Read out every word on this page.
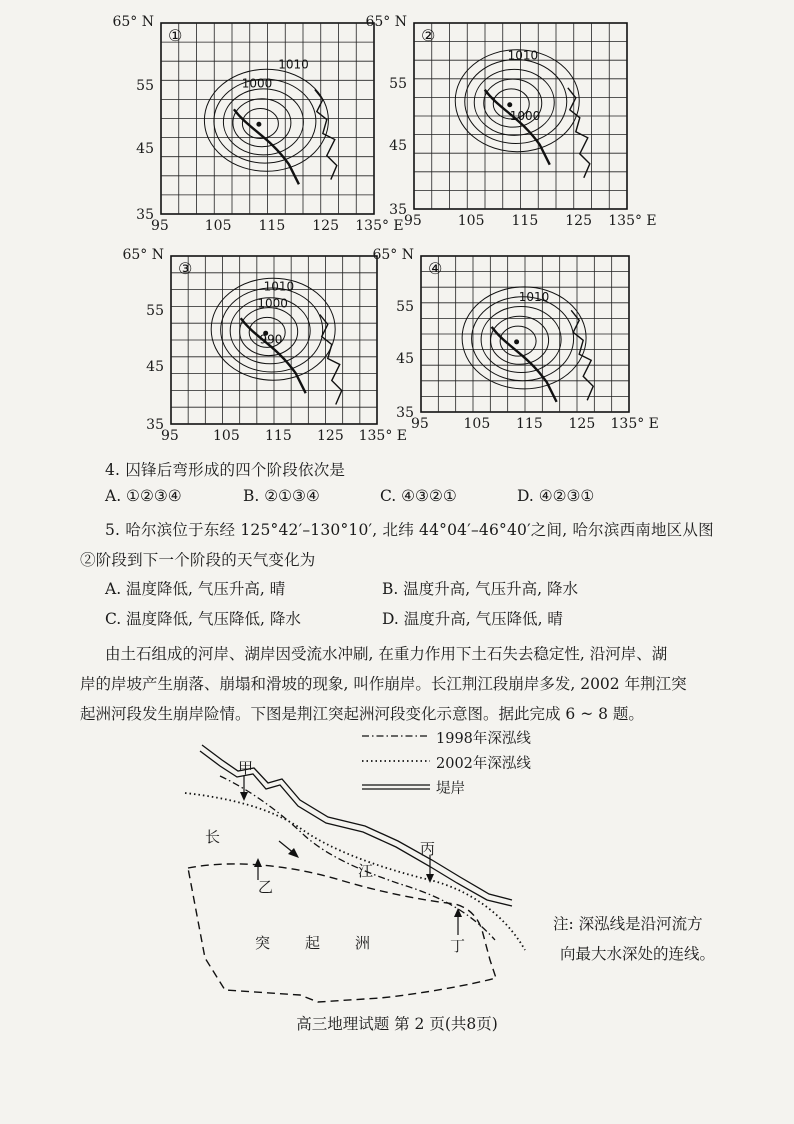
1010
1000
①
65° N
55
45
35
95	105 115 125 135° E
1010
1000
②
65° N
55
45
35
95	105 115 125 135° E
1010
1000
990
③
65° N
55
45
35
95 105 115 125 135° E
1010
④
65° N
55
45
35
95 105 115 125 135° E
4. 囚锋后弯形成的四个阶段依次是
A. ①②③④	B. ②①③④	C. ④③②①	D. ④②③①
5. 哈尔滨位于东经 125°42′–130°10′, 北纬 44°04′–46°40′之间, 哈尔滨西南地区从图
②阶段到下一个阶段的天气变化为
A. 温度降低, 气压升高, 晴	B. 温度升高, 气压升高, 降水
C. 温度降低, 气压降低, 降水	D. 温度升高, 气压降低, 晴
由土石组成的河岸、湖岸因受流水冲刷, 在重力作用下土石失去稳定性, 沿河岸、湖
岸的岸坡产生崩落、崩塌和滑坡的现象, 叫作崩岸。长江荆江段崩岸多发, 2002 年荆江突
起洲河段发生崩岸险情。下图是荆江突起洲河段变化示意图。据此完成 6 ~ 8 题。
1998年深泓线
2002年深泓线
堤岸
甲
乙
丙
丁
长
江
突 起 洲
注: 深泓线是沿河流方
向最大水深处的连线。
高三地理试题 第 2 页(共8页)
